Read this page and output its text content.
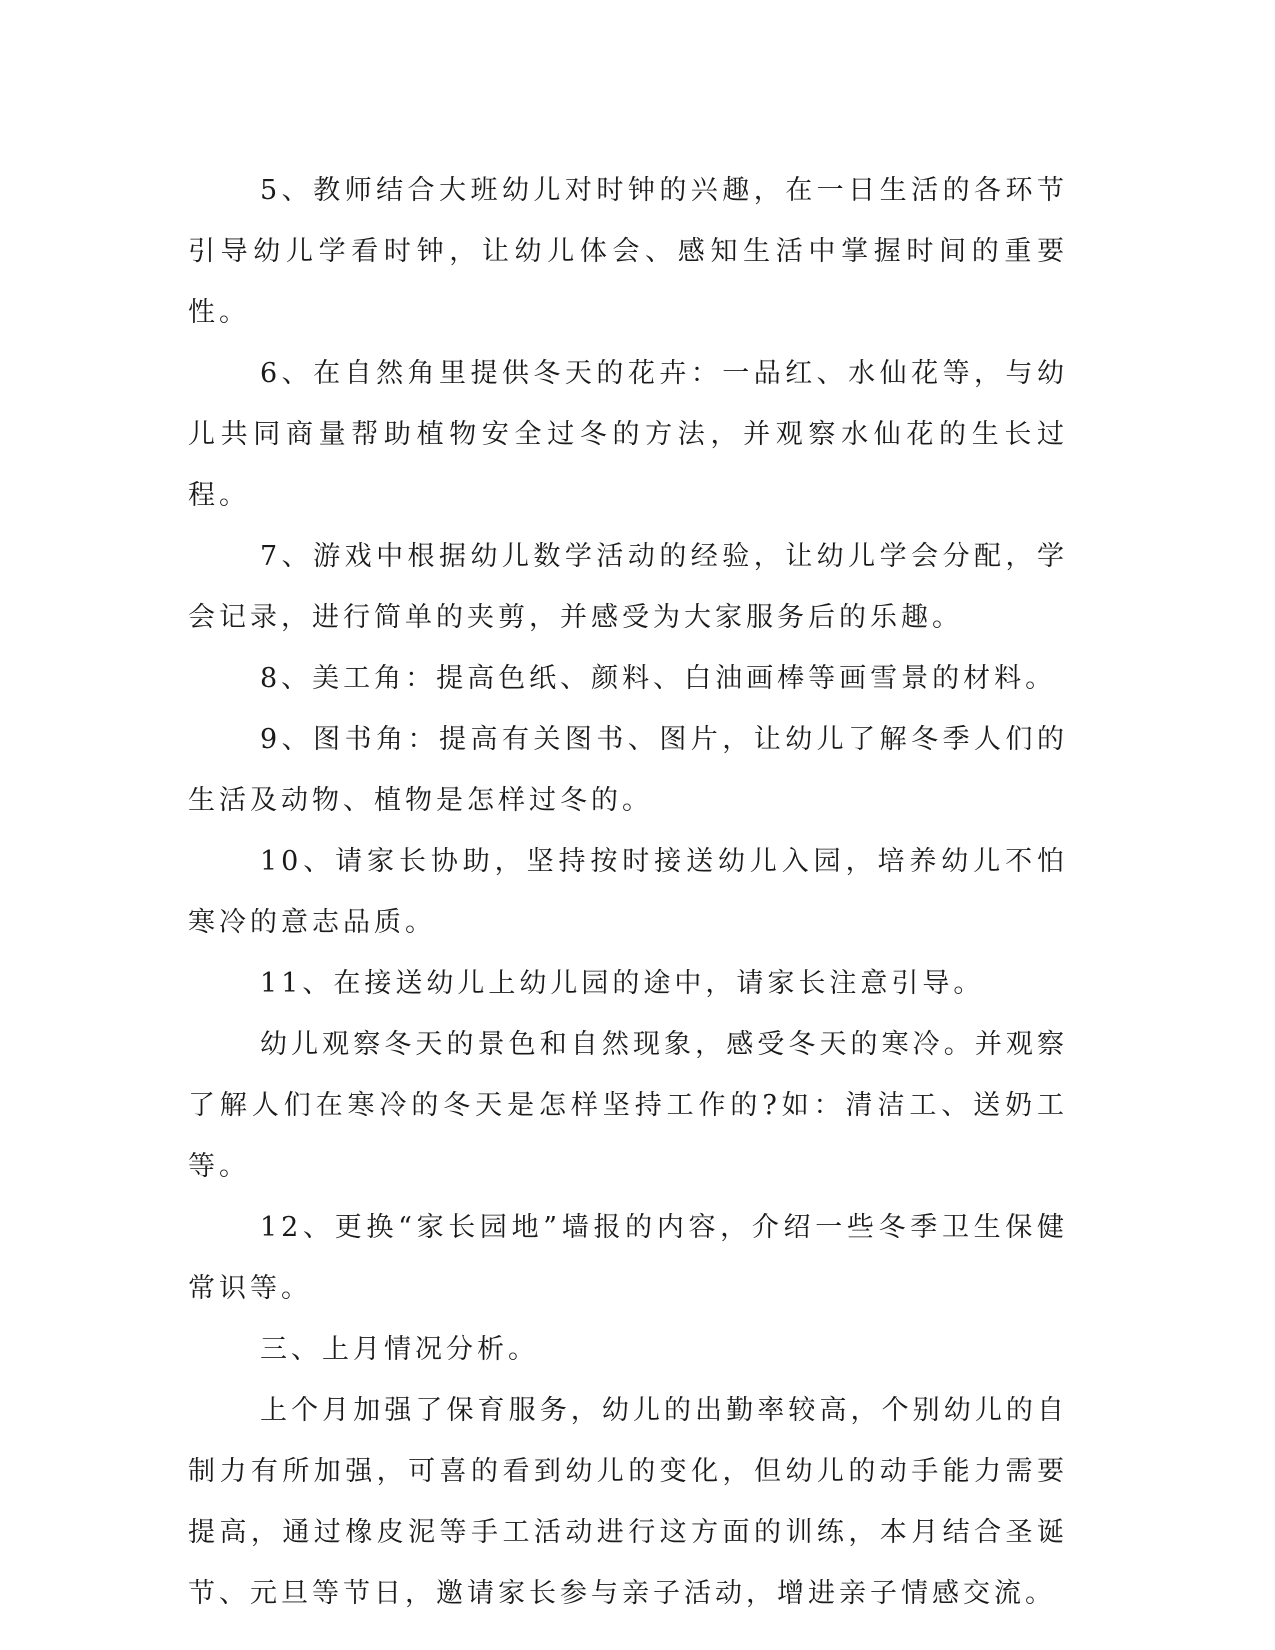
5、教师结合大班幼儿对时钟的兴趣，在一日生活的各环节引导幼儿学看时钟，让幼儿体会、感知生活中掌握时间的重要性。

6、在自然角里提供冬天的花卉：一品红、水仙花等，与幼儿共同商量帮助植物安全过冬的方法，并观察水仙花的生长过程。

7、游戏中根据幼儿数学活动的经验，让幼儿学会分配，学会记录，进行简单的夹剪，并感受为大家服务后的乐趣。

8、美工角：提高色纸、颜料、白油画棒等画雪景的材料。

9、图书角：提高有关图书、图片，让幼儿了解冬季人们的生活及动物、植物是怎样过冬的。

10、请家长协助，坚持按时接送幼儿入园，培养幼儿不怕寒冷的意志品质。

11、在接送幼儿上幼儿园的途中，请家长注意引导。

幼儿观察冬天的景色和自然现象，感受冬天的寒冷。并观察了解人们在寒冷的冬天是怎样坚持工作的?如：清洁工、送奶工等。

12、更换“家长园地”墙报的内容，介绍一些冬季卫生保健常识等。

三、上月情况分析。

上个月加强了保育服务，幼儿的出勤率较高，个别幼儿的自制力有所加强，可喜的看到幼儿的变化，但幼儿的动手能力需要提高，通过橡皮泥等手工活动进行这方面的训练，本月结合圣诞节、元旦等节日，邀请家长参与亲子活动，增进亲子情感交流。
